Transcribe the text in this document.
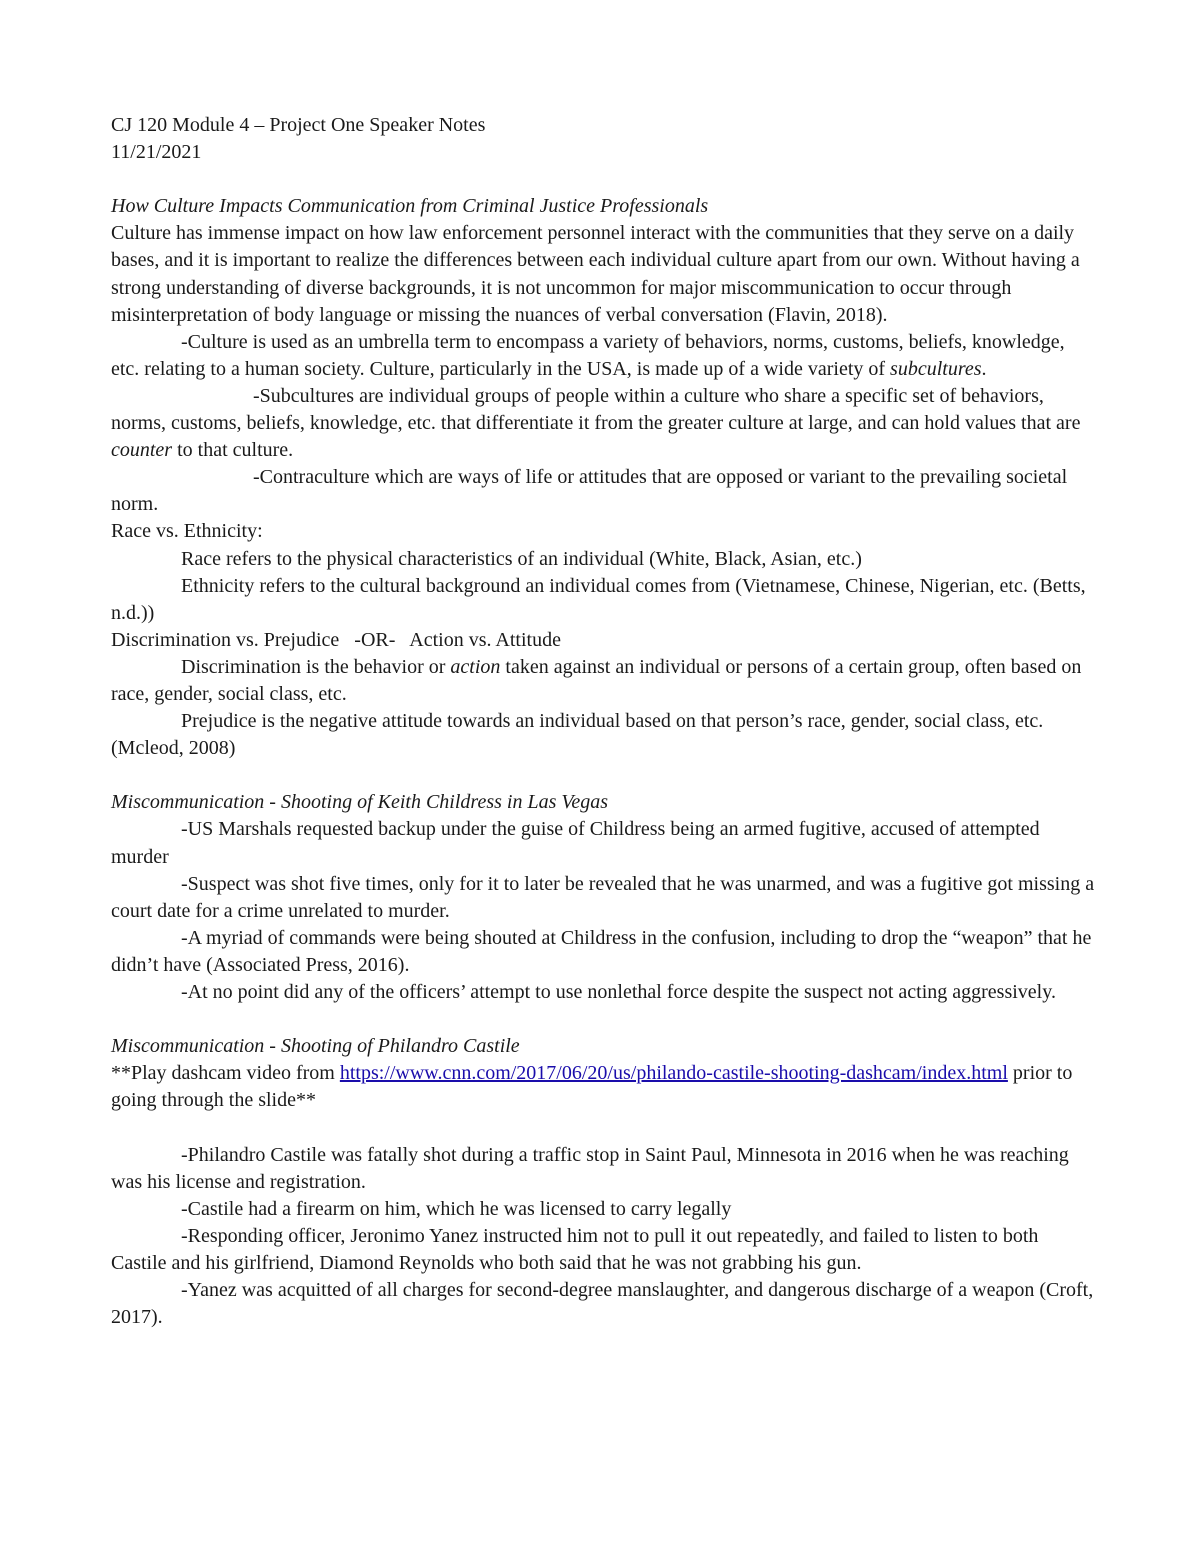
CJ 120 Module 4 – Project One Speaker Notes

11/21/2021

How Culture Impacts Communication from Criminal Justice Professionals

Culture has immense impact on how law enforcement personnel interact with the communities that they serve on a daily bases, and it is important to realize the differences between each individual culture apart from our own. Without having a strong understanding of diverse backgrounds, it is not uncommon for major miscommunication to occur through misinterpretation of body language or missing the nuances of verbal conversation (Flavin, 2018).

-Culture is used as an umbrella term to encompass a variety of behaviors, norms, customs, beliefs, knowledge, etc. relating to a human society. Culture, particularly in the USA, is made up of a wide variety of subcultures.

-Subcultures are individual groups of people within a culture who share a specific set of behaviors, norms, customs, beliefs, knowledge, etc. that differentiate it from the greater culture at large, and can hold values that are counter to that culture.

-Contraculture which are ways of life or attitudes that are opposed or variant to the prevailing societal norm.

Race vs. Ethnicity:

Race refers to the physical characteristics of an individual (White, Black, Asian, etc.)

Ethnicity refers to the cultural background an individual comes from (Vietnamese, Chinese, Nigerian, etc. (Betts, n.d.))

Discrimination vs. Prejudice   -OR-   Action vs. Attitude

Discrimination is the behavior or action taken against an individual or persons of a certain group, often based on race, gender, social class, etc.

Prejudice is the negative attitude towards an individual based on that person’s race, gender, social class, etc. (Mcleod, 2008)

Miscommunication - Shooting of Keith Childress in Las Vegas

-US Marshals requested backup under the guise of Childress being an armed fugitive, accused of attempted murder

-Suspect was shot five times, only for it to later be revealed that he was unarmed, and was a fugitive got missing a court date for a crime unrelated to murder.

-A myriad of commands were being shouted at Childress in the confusion, including to drop the “weapon” that he didn’t have (Associated Press, 2016).

-At no point did any of the officers’ attempt to use nonlethal force despite the suspect not acting aggressively.

Miscommunication - Shooting of Philandro Castile

**Play dashcam video from https://www.cnn.com/2017/06/20/us/philando-castile-shooting-dashcam/index.html prior to going through the slide**

-Philandro Castile was fatally shot during a traffic stop in Saint Paul, Minnesota in 2016 when he was reaching was his license and registration.

-Castile had a firearm on him, which he was licensed to carry legally

-Responding officer, Jeronimo Yanez instructed him not to pull it out repeatedly, and failed to listen to both Castile and his girlfriend, Diamond Reynolds who both said that he was not grabbing his gun.

-Yanez was acquitted of all charges for second-degree manslaughter, and dangerous discharge of a weapon (Croft, 2017).
